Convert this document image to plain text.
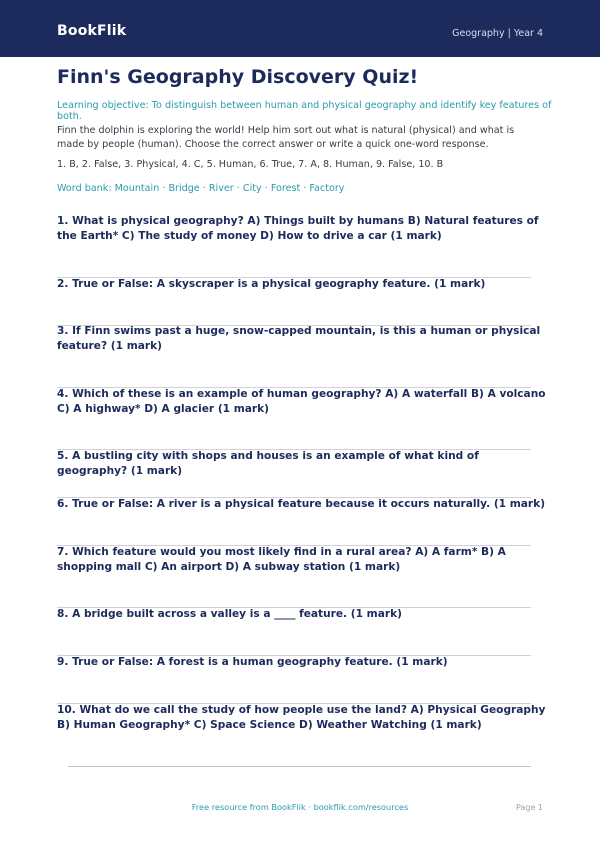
BookFlik	Geography | Year 4
Finn's Geography Discovery Quiz!
Learning objective: To distinguish between human and physical geography and identify key features of both.
Finn the dolphin is exploring the world! Help him sort out what is natural (physical) and what is made by people (human). Choose the correct answer or write a quick one-word response.
1. B, 2. False, 3. Physical, 4. C, 5. Human, 6. True, 7. A, 8. Human, 9. False, 10. B
Word bank: Mountain · Bridge · River · City · Forest · Factory
1. What is physical geography? A) Things built by humans B) Natural features of the Earth* C) The study of money D) How to drive a car (1 mark)
2. True or False: A skyscraper is a physical geography feature. (1 mark)
3. If Finn swims past a huge, snow-capped mountain, is this a human or physical feature? (1 mark)
4. Which of these is an example of human geography? A) A waterfall B) A volcano C) A highway* D) A glacier (1 mark)
5. A bustling city with shops and houses is an example of what kind of geography? (1 mark)
6. True or False: A river is a physical feature because it occurs naturally. (1 mark)
7. Which feature would you most likely find in a rural area? A) A farm* B) A shopping mall C) An airport D) A subway station (1 mark)
8. A bridge built across a valley is a ____ feature. (1 mark)
9. True or False: A forest is a human geography feature. (1 mark)
10. What do we call the study of how people use the land? A) Physical Geography B) Human Geography* C) Space Science D) Weather Watching (1 mark)
Free resource from BookFlik · bookflik.com/resources	Page 1
